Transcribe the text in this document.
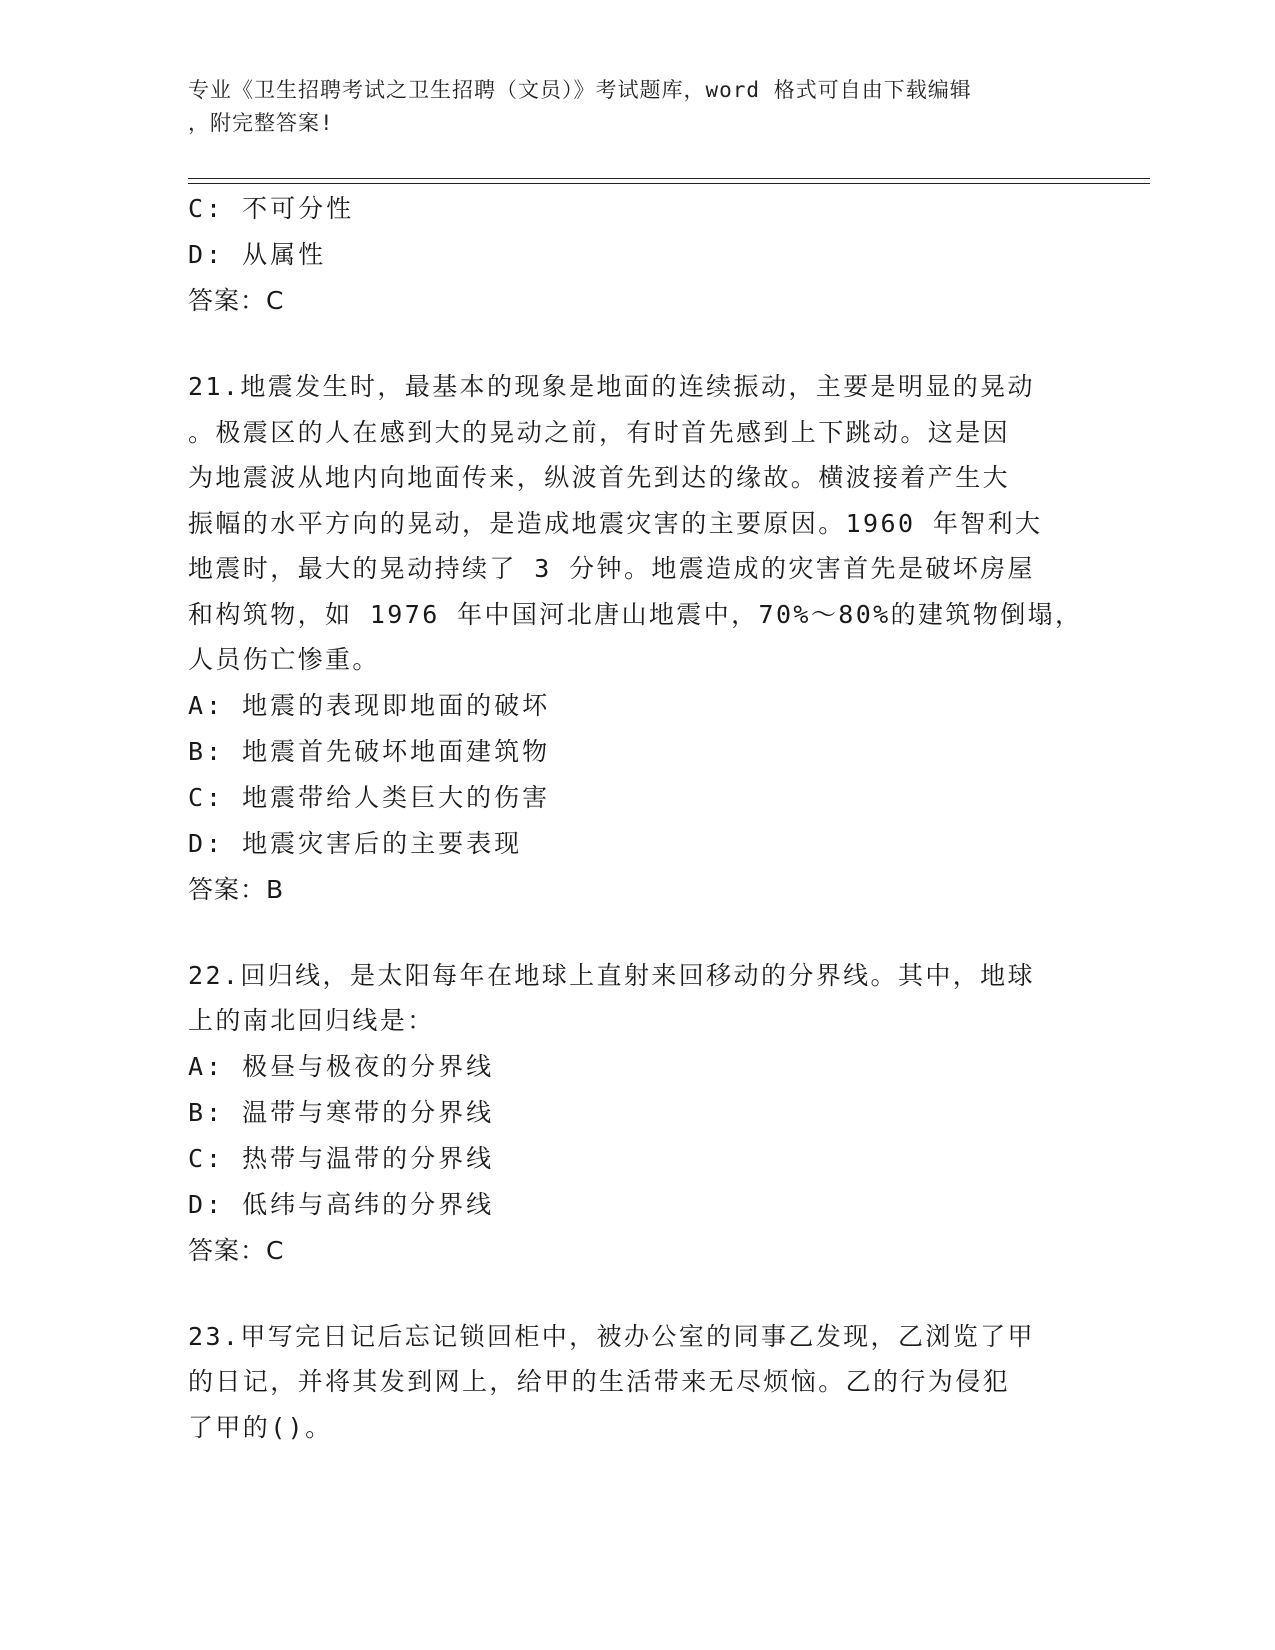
专业《卫生招聘考试之卫生招聘（文员）》考试题库，word 格式可自由下载编辑
，附完整答案!
C: 不可分性
D: 从属性
答案：C
21.地震发生时，最基本的现象是地面的连续振动，主要是明显的晃动
。极震区的人在感到大的晃动之前，有时首先感到上下跳动。这是因
为地震波从地内向地面传来，纵波首先到达的缘故。横波接着产生大
振幅的水平方向的晃动，是造成地震灾害的主要原因。1960 年智利大
地震时，最大的晃动持续了 3 分钟。地震造成的灾害首先是破坏房屋
和构筑物，如 1976 年中国河北唐山地震中，70%～80%的建筑物倒塌，
人员伤亡惨重。
A: 地震的表现即地面的破坏
B: 地震首先破坏地面建筑物
C: 地震带给人类巨大的伤害
D: 地震灾害后的主要表现
答案：B
22.回归线，是太阳每年在地球上直射来回移动的分界线。其中，地球
上的南北回归线是：
A: 极昼与极夜的分界线
B: 温带与寒带的分界线
C: 热带与温带的分界线
D: 低纬与高纬的分界线
答案：C
23.甲写完日记后忘记锁回柜中，被办公室的同事乙发现，乙浏览了甲
的日记，并将其发到网上，给甲的生活带来无尽烦恼。乙的行为侵犯
了甲的()。
